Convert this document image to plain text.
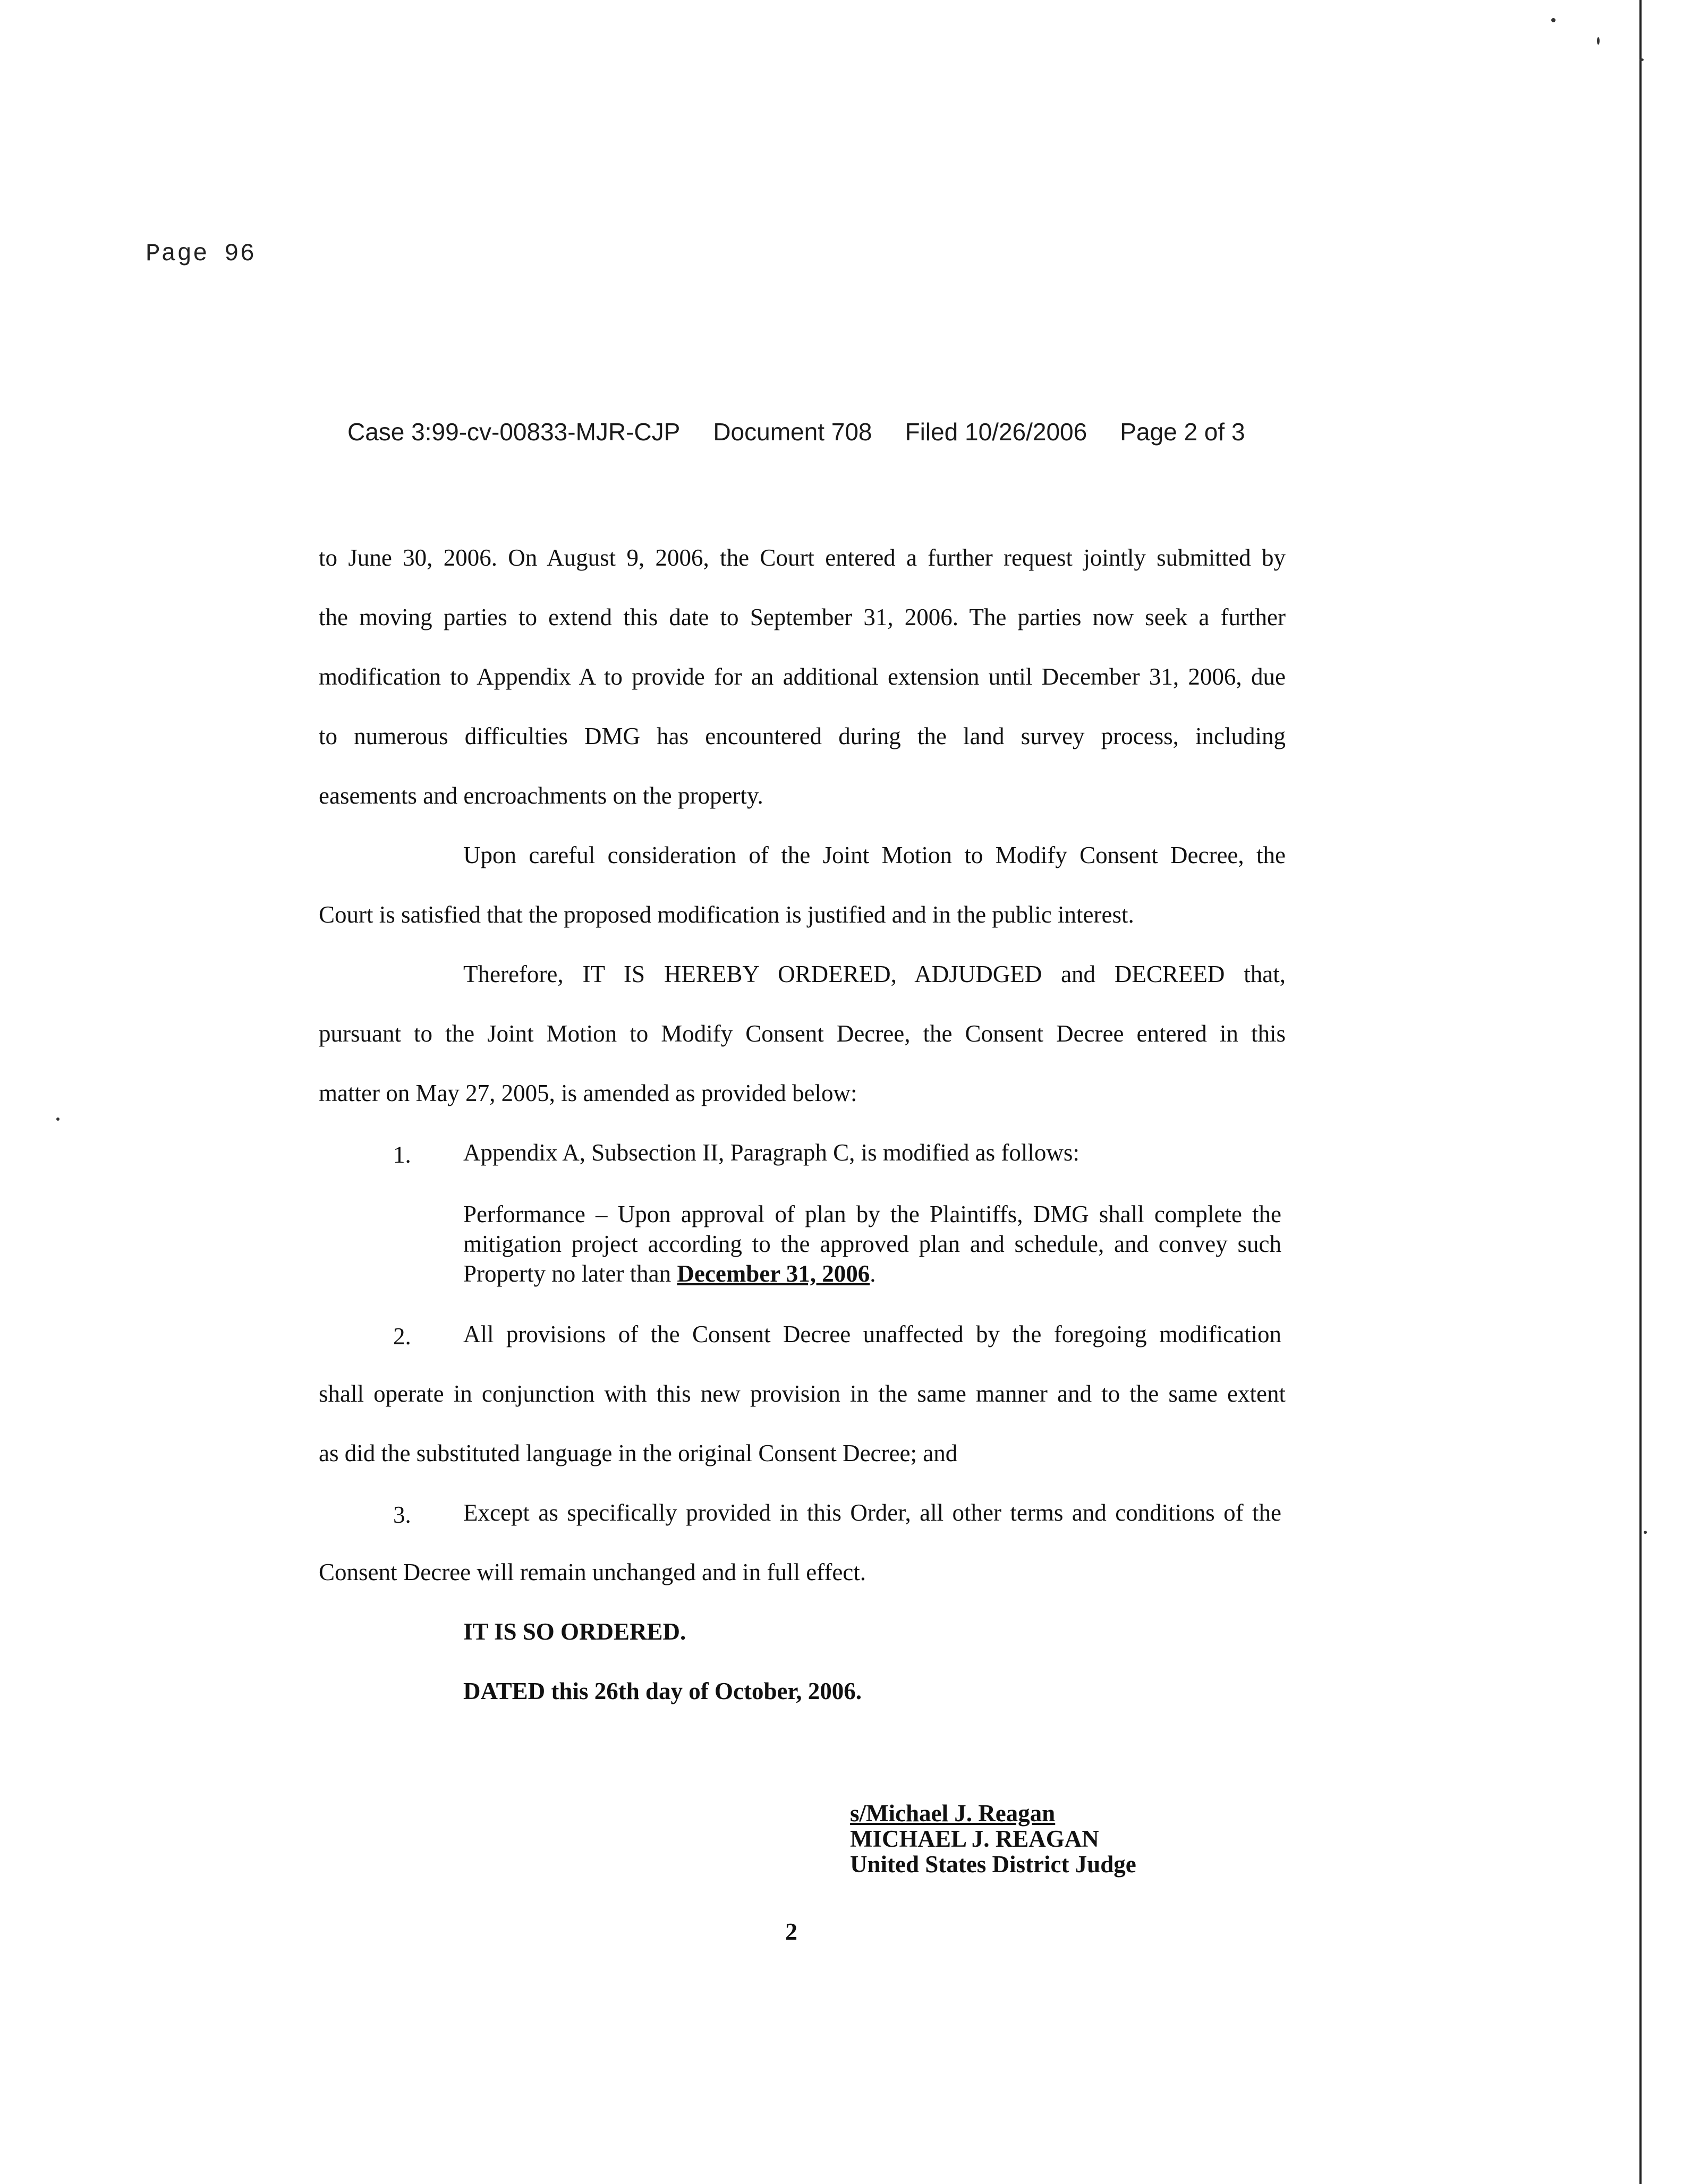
Page 96
Case 3:99-cv-00833-MJR-CJP Document 708 Filed 10/26/2006 Page 2 of 3
to June 30, 2006. On August 9, 2006, the Court entered a further request jointly submitted by
the moving parties to extend this date to September 31, 2006. The parties now seek a further
modification to Appendix A to provide for an additional extension until December 31, 2006, due
to numerous difficulties DMG has encountered during the land survey process, including
easements and encroachments on the property.
Upon careful consideration of the Joint Motion to Modify Consent Decree, the
Court is satisfied that the proposed modification is justified and in the public interest.
Therefore, IT IS HEREBY ORDERED, ADJUDGED and DECREED that,
pursuant to the Joint Motion to Modify Consent Decree, the Consent Decree entered in this
matter on May 27, 2005, is amended as provided below:
1. Appendix A, Subsection II, Paragraph C, is modified as follows:
Performance – Upon approval of plan by the Plaintiffs, DMG shall complete the
mitigation project according to the approved plan and schedule, and convey such
Property no later than December 31, 2006.
2. All provisions of the Consent Decree unaffected by the foregoing modification
shall operate in conjunction with this new provision in the same manner and to the same extent
as did the substituted language in the original Consent Decree; and
3. Except as specifically provided in this Order, all other terms and conditions of the
Consent Decree will remain unchanged and in full effect.
IT IS SO ORDERED.
DATED this 26th day of October, 2006.
s/Michael J. Reagan
MICHAEL J. REAGAN
United States District Judge
2
